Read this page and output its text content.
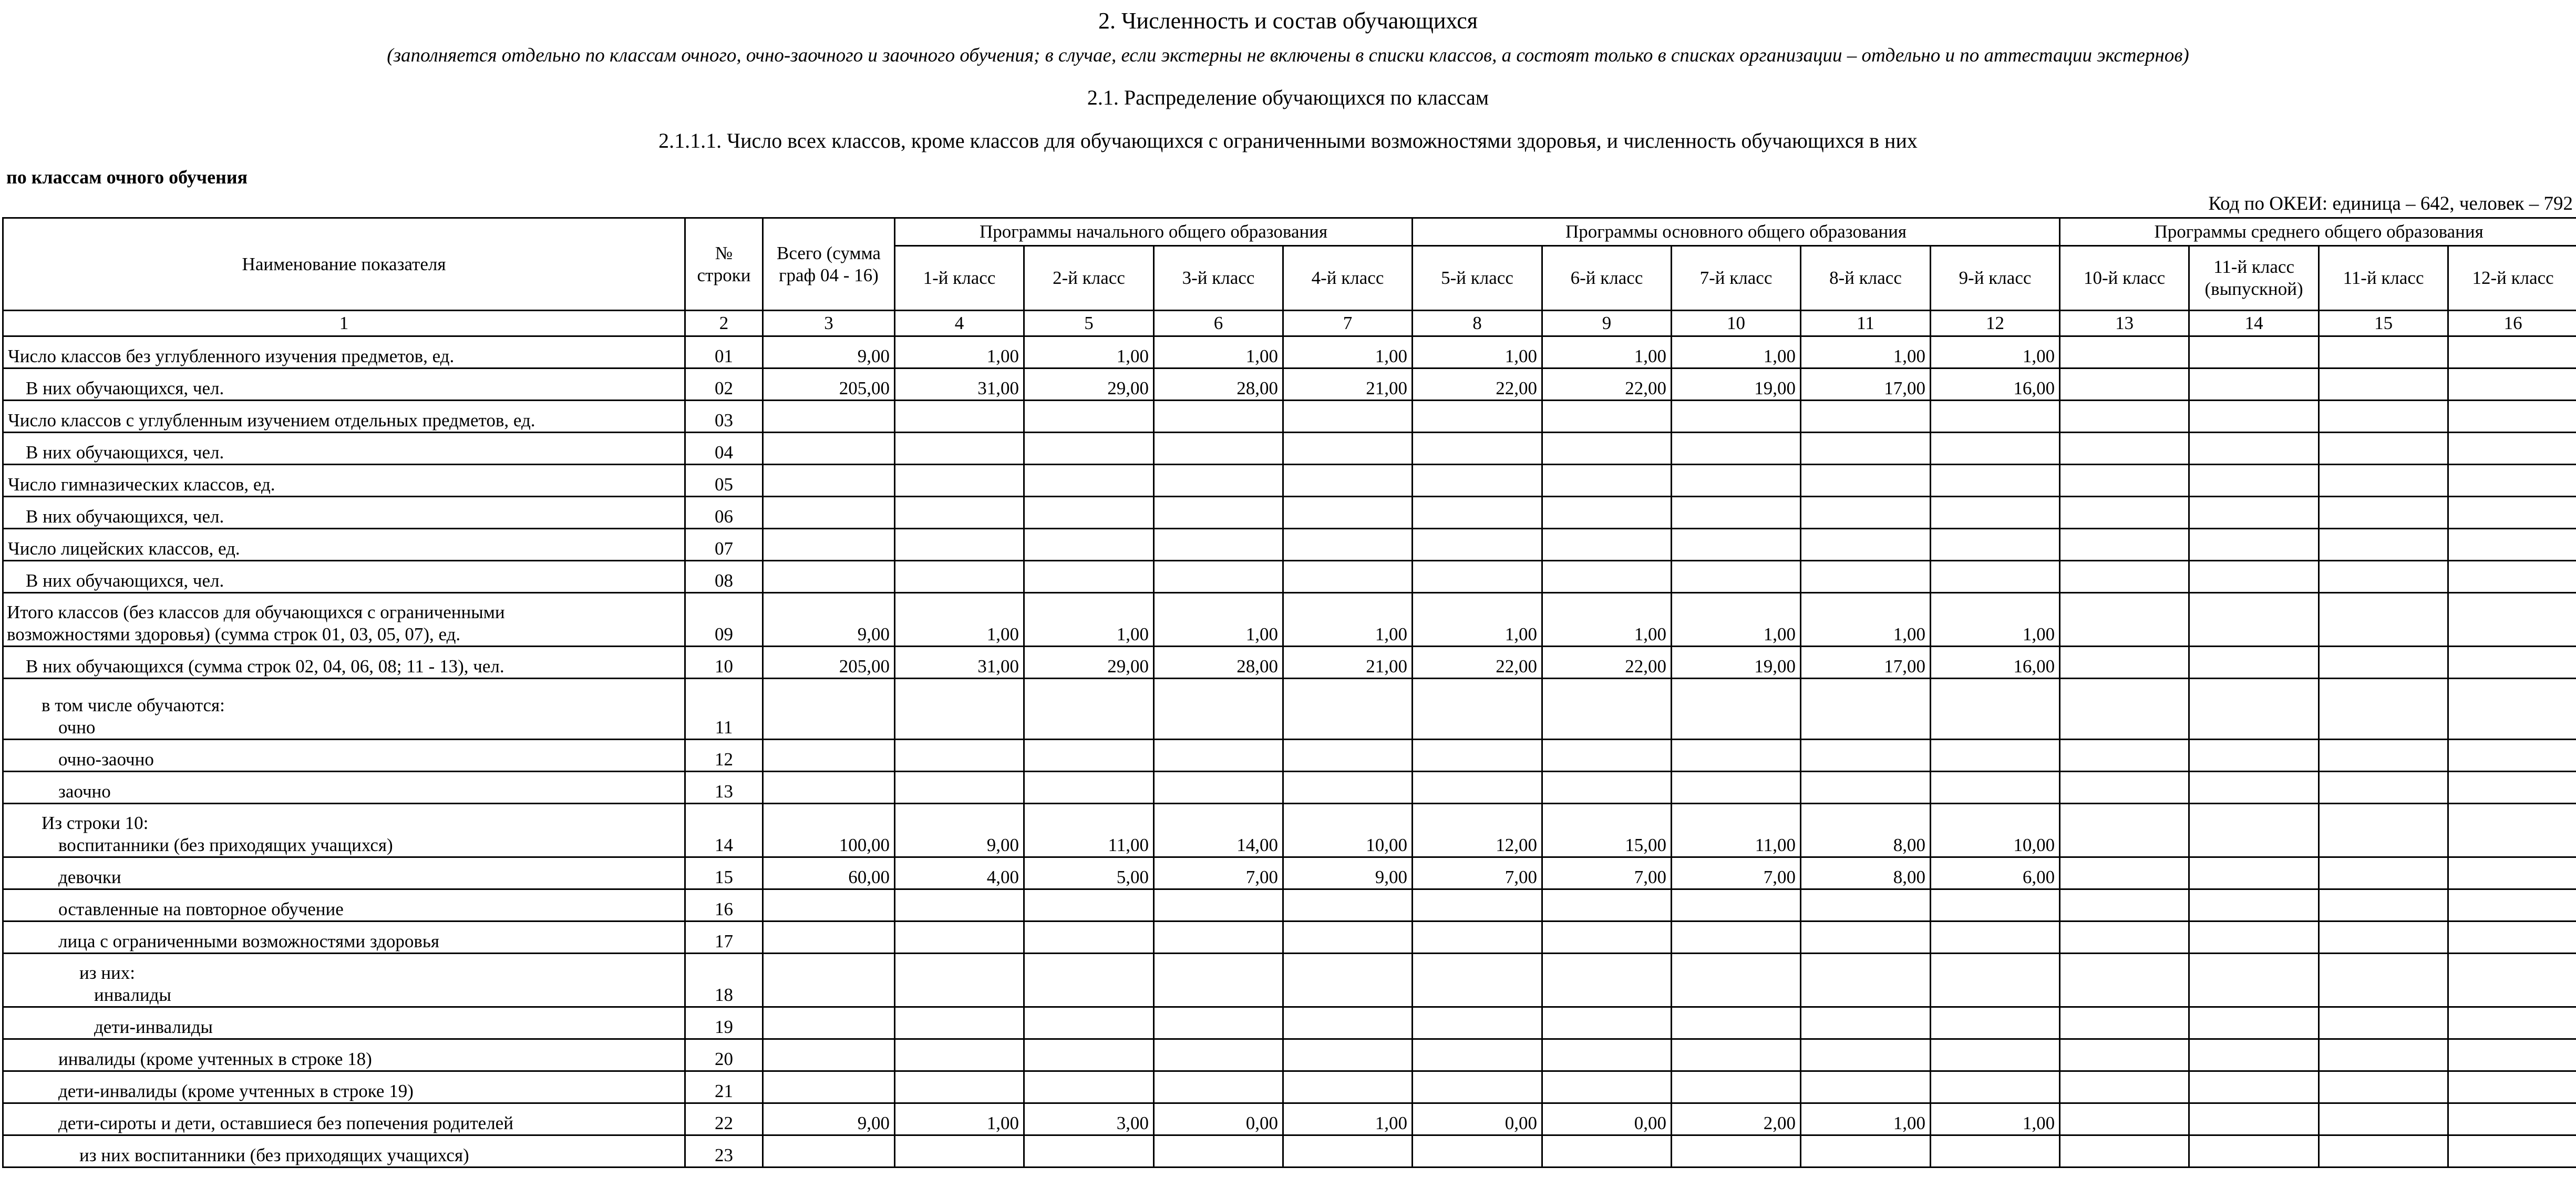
2. Численность и состав обучающихся
(заполняется отдельно по классам очного, очно-заочного и заочного обучения; в случае, если экстерны не включены в списки классов, а состоят только в списках организации – отдельно и по аттестации экстернов)
2.1. Распределение обучающихся по классам
2.1.1.1. Число всех классов, кроме классов для обучающихся с ограниченными возможностями здоровья, и численность обучающихся в них
по классам очного обучения
Код по ОКЕИ: единица – 642, человек – 792
Наименование показателя	№ строки	Всего (сумма граф 04 - 16)	Программы начального общего образования				Программы основного общего образования					Программы среднего общего образования			
			1-й класс	2-й класс	3-й класс	4-й класс	5-й класс	6-й класс	7-й класс	8-й класс	9-й класс	10-й класс	11-й класс (выпускной)	11-й класс	12-й класс
1	2	3	4	5	6	7	8	9	10	11	12	13	14	15	16
Число классов без углубленного изучения предметов, ед.	01	9,00	1,00	1,00	1,00	1,00	1,00	1,00	1,00	1,00	1,00				
В них обучающихся, чел.	02	205,00	31,00	29,00	28,00	21,00	22,00	22,00	19,00	17,00	16,00				
Число классов с углубленным изучением отдельных предметов, ед.	03														
В них обучающихся, чел.	04														
Число гимназических классов, ед.	05														
В них обучающихся, чел.	06														
Число лицейских классов, ед.	07														
В них обучающихся, чел.	08														

Итого классов (без классов для обучающихся с ограниченными
возможностями здоровья) (сумма строк 01, 03, 05, 07), ед.	09	9,00	1,00	1,00	1,00	1,00	1,00	1,00	1,00	1,00	1,00				
В них обучающихся (сумма строк 02, 04, 06, 08; 11 - 13), чел.	10	205,00	31,00	29,00	28,00	21,00	22,00	22,00	19,00	17,00	16,00				

в том числе обучаются:
очно	11														
очно-заочно	12														
заочно	13														

Из строки 10:
воспитанники (без приходящих учащихся)	14	100,00	9,00	11,00	14,00	10,00	12,00	15,00	11,00	8,00	10,00				
девочки	15	60,00	4,00	5,00	7,00	9,00	7,00	7,00	7,00	8,00	6,00				
оставленные на повторное обучение	16														
лица с ограниченными возможностями здоровья	17														

из них:
инвалиды	18														
дети-инвалиды	19														
инвалиды (кроме учтенных в строке 18)	20														
дети-инвалиды (кроме учтенных в строке 19)	21														
дети-сироты и дети, оставшиеся без попечения родителей	22	9,00	1,00	3,00	0,00	1,00	0,00	0,00	2,00	1,00	1,00				
из них воспитанники (без приходящих учащихся)	23														
